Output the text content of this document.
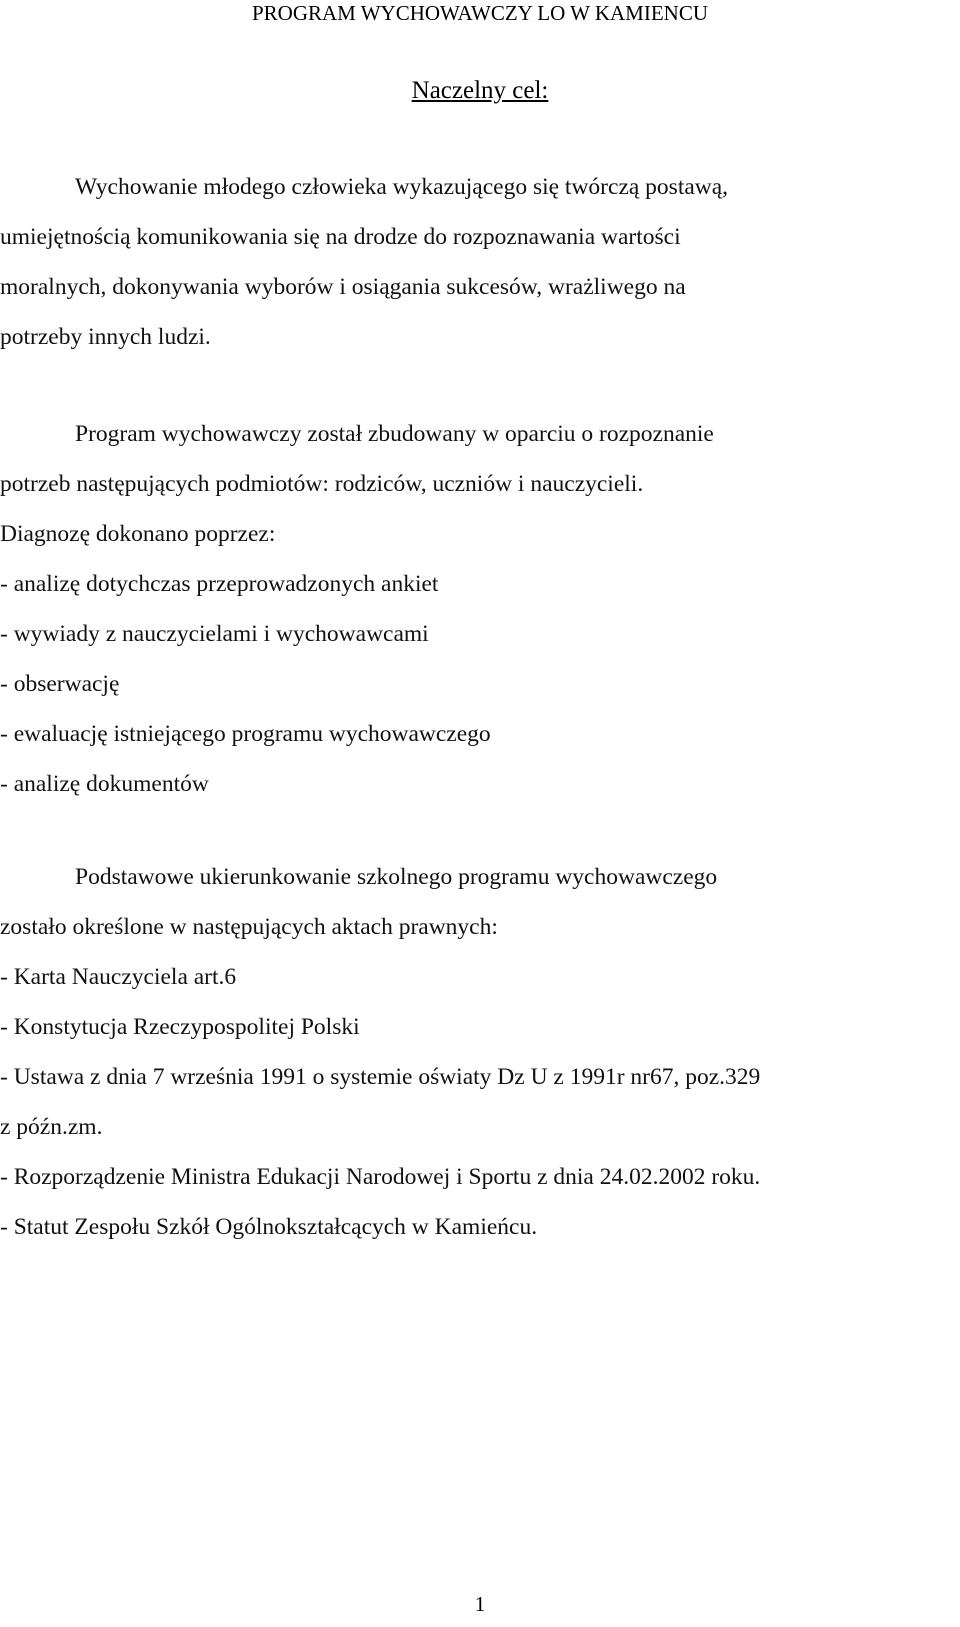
PROGRAM WYCHOWAWCZY LO W KAMIENCU
Naczelny cel:
Wychowanie młodego człowieka wykazującego się twórczą postawą,
umiejętnością komunikowania się na drodze do rozpoznawania wartości
moralnych, dokonywania wyborów i osiągania sukcesów, wrażliwego na
potrzeby innych ludzi.
Program wychowawczy został zbudowany w oparciu o rozpoznanie
potrzeb następujących podmiotów: rodziców, uczniów i nauczycieli.
Diagnozę dokonano poprzez:
- analizę dotychczas przeprowadzonych ankiet
- wywiady z nauczycielami i wychowawcami
- obserwację
- ewaluację istniejącego programu wychowawczego
- analizę dokumentów
Podstawowe ukierunkowanie szkolnego programu wychowawczego
zostało określone w następujących aktach prawnych:
- Karta Nauczyciela art.6
- Konstytucja Rzeczypospolitej Polski
- Ustawa z dnia 7 września 1991 o systemie oświaty Dz U z 1991r nr67, poz.329
z późn.zm.
- Rozporządzenie Ministra Edukacji Narodowej i Sportu z dnia 24.02.2002 roku.
- Statut Zespołu Szkół Ogólnokształcących w Kamieńcu.
1
